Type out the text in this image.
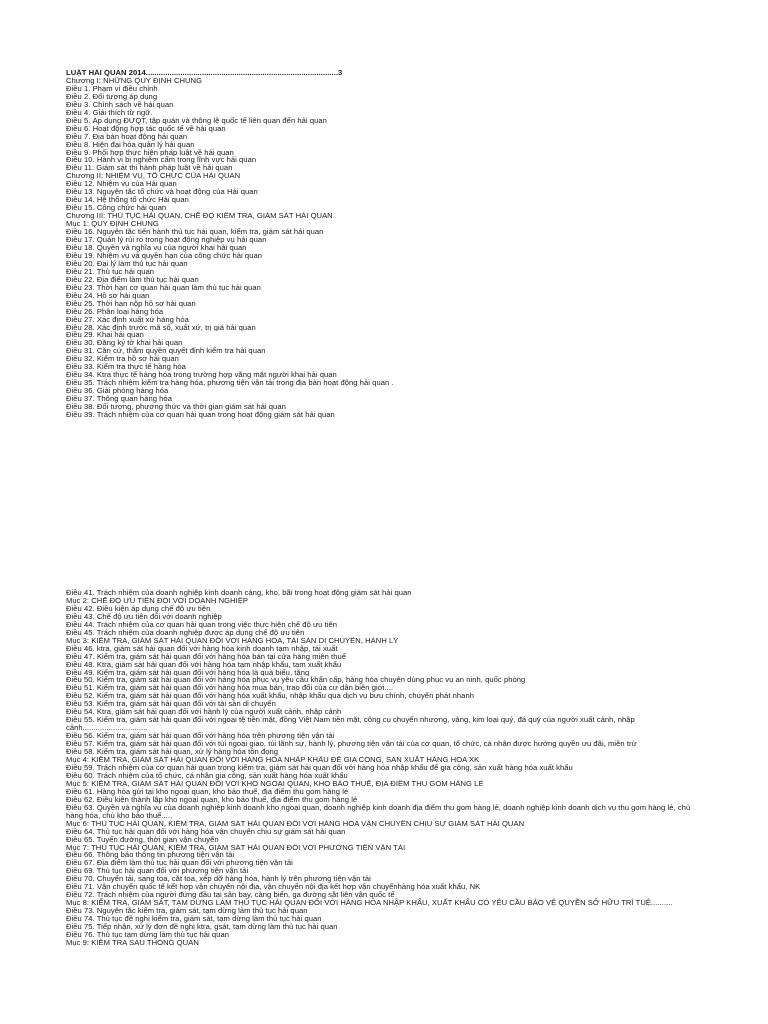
LUẬT HẢI QUAN 2014.........................................................................................3
Chương I: NHỮNG QUY ĐỊNH CHUNG
Điều 1. Phạm vi điều chỉnh
Điều 2. Đối tượng áp dụng
Điều 3. Chính sách về hải quan
Điều 4. Giải thích từ ngữ.
Điều 5. Áp dụng ĐƯQT, tập quán và thông lệ quốc tế liên quan đến hải quan
Điều 6. Hoạt động hợp tác quốc tế về hải quan
Điều 7. Địa bàn hoạt động hải quan
Điều 8. Hiện đại hóa quản lý hải quan
Điều 9. Phối hợp thực hiện pháp luật về hải quan
Điều 10. Hành vi bị nghiêm cấm trong lĩnh vực hải quan
Điều 11. Giám sát thi hành pháp luật về hải quan
Chương II: NHIỆM VỤ, TỔ CHỨC CỦA HẢI QUAN
Điều 12. Nhiệm vụ của Hải quan
Điều 13. Nguyên tắc tổ chức và hoạt động của Hải quan
Điều 14. Hệ thống tổ chức Hải quan
Điều 15. Công chức hải quan
Chương III: THỦ TỤC HẢI QUAN, CHẾ ĐỘ KIỂM TRA, GIÁM SÁT HẢI QUAN
Mục 1: QUY ĐỊNH CHUNG
Điều 16. Nguyên tắc tiến hành thủ tục hải quan, kiểm tra, giám sát hải quan
Điều 17. Quản lý rủi ro trong hoạt động nghiệp vụ hải quan
Điều 18. Quyền và nghĩa vụ của người khai hải quan
Điều 19. Nhiệm vụ và quyền hạn của công chức hải quan
Điều 20. Đại lý làm thủ tục hải quan
Điều 21. Thủ tục hải quan
Điều 22. Địa điểm làm thủ tục hải quan
Điều 23. Thời hạn cơ quan hải quan làm thủ tục hải quan
Điều 24. Hồ sơ hải quan
Điều 25. Thời hạn nộp hồ sơ hải quan
Điều 26. Phân loại hàng hóa
Điều 27. Xác định xuất xứ hàng hóa
Điều 28. Xác định trước mã số, xuất xứ, trị giá hải quan
Điều 29. Khai hải quan
Điều 30. Đăng ký tờ khai hải quan
Điều 31. Căn cứ, thẩm quyền quyết định kiểm tra hải quan
Điều 32. Kiểm tra hồ sơ hải quan
Điều 33. Kiểm tra thực tế hàng hóa
Điều 34. Ktra thực tế hàng hóa trong trường hợp vắng mặt người khai hải quan
Điều 35. Trách nhiệm kiểm tra hàng hóa, phương tiện vận tải trong địa bàn hoạt động hải quan .
Điều 36. Giải phóng hàng hóa
Điều 37. Thông quan hàng hóa
Điều 38. Đối tượng, phương thức và thời gian giám sát hải quan
Điều 39. Trách nhiệm của cơ quan hải quan trong hoạt động giám sát hải quan
Điều 41. Trách nhiệm của doanh nghiệp kinh doanh cảng, kho, bãi trong hoạt động giám sát hải quan
Mục 2: CHẾ ĐỘ ƯU TIÊN ĐỐI VỚI DOANH NGHIỆP
Điều 42. Điều kiện áp dụng chế độ ưu tiên
Điều 43. Chế độ ưu tiên đối với doanh nghiệp
Điều 44. Trách nhiệm của cơ quan hải quan trong việc thực hiện chế độ ưu tiên
Điều 45. Trách nhiệm của doanh nghiệp được áp dụng chế độ ưu tiên
Mục 3: KIỂM TRA, GIÁM SÁT HẢI QUAN ĐỐI VỚI HÀNG HÓA, TÀI SẢN DI CHUYỂN, HÀNH LÝ
Điều 46. ktra, giám sát hải quan đối với hàng hóa kinh doanh tạm nhập, tái xuất
Điều 47. Kiểm tra, giám sát hải quan đối với hàng hóa bán tại cửa hàng miễn thuế
Điều 48. Ktra, giám sát hải quan đối với hàng hóa tạm nhập khẩu, tạm xuất khẩu
Điều 49. Kiểm tra, giám sát hải quan đối với hàng hóa là quà biếu, tặng
Điều 50. Kiểm tra, giám sát hải quan đối với hàng hóa phục vụ yêu cầu khẩn cấp, hàng hóa chuyên dùng phục vụ an ninh, quốc phòng
Điều 51. Kiểm tra, giám sát hải quan đối với hàng hóa mua bán, trao đổi của cư dân biên giới....
Điều 52. Kiểm tra, giám sát hải quan đối với hàng hóa xuất khẩu, nhập khẩu qua dịch vụ bưu chính, chuyển phát nhanh
Điều 53. Kiểm tra, giám sát hải quan đối với tài sản di chuyển
Điều 54. Ktra, giám sát hải quan đối với hành lý của người xuất cảnh, nhập cảnh
Điều 55. Kiểm tra, giám sát hải quan đối với ngoại tệ tiền mặt, đồng Việt Nam tiền mặt, công cụ chuyển nhượng, vàng, kim loại quý, đá quý của người xuất cảnh, nhập cảnh..............................
Điều 56. Kiểm tra, giám sát hải quan đối với hàng hóa trên phương tiện vận tải
Điều 57. Kiểm tra, giám sát hải quan đối với túi ngoại giao, túi lãnh sự, hành lý, phương tiện vận tải của cơ quan, tổ chức, cá nhân được hưởng quyền ưu đãi, miễn trừ
Điều 58. Kiểm tra, giám sát hải quan, xử lý hàng hóa tồn đọng
Mục 4: KIỂM TRA, GIÁM SÁT HẢI QUAN ĐỐI VỚI HÀNG HÓA NHẬP KHẨU ĐỂ GIA CÔNG, SẢN XUẤT HÀNG HÓA XK
Điều 59. Trách nhiệm của cơ quan hải quan trong kiểm tra, giám sát hải quan đối với hàng hóa nhập khẩu để gia công, sản xuất hàng hóa xuất khẩu
Điều 60. Trách nhiệm của tổ chức, cá nhân gia công, sản xuất hàng hóa xuất khẩu
Mục 5: KIỂM TRA, GIÁM SÁT HẢI QUAN ĐỐI VỚI KHO NGOẠI QUAN, KHO BẢO THUẾ, ĐỊA ĐIỂM THU GOM HÀNG LẺ
Điều 61. Hàng hóa gửi tại kho ngoại quan, kho bảo thuế, địa điểm thu gom hàng lẻ
Điều 62. Điều kiện thành lập kho ngoại quan, kho bảo thuế, địa điểm thu gom hàng lẻ
Điều 63. Quyền và nghĩa vụ của doanh nghiệp kinh doanh kho ngoại quan, doanh nghiệp kinh doanh địa điểm thu gom hàng lẻ, doanh nghiệp kinh doanh dịch vụ thu gom hàng lẻ, chủ hàng hóa, chủ kho bảo thuế.....
Mục 6: THỦ TỤC HẢI QUAN, KIỂM TRA, GIÁM SÁT HẢI QUAN ĐỐI VỚI HÀNG HÓA VẬN CHUYỂN CHỊU SỰ GIÁM SÁT HẢI QUAN
Điều 64. Thủ tục hải quan đối với hàng hóa vận chuyển chịu sự giám sát hải quan
Điều 65. Tuyến đường, thời gian vận chuyển
Mục 7: THỦ TỤC HẢI QUAN, KIỂM TRA, GIÁM SÁT HẢI QUAN ĐỐI VỚI PHƯƠNG TIỆN VẬN TẢI
Điều 66. Thông báo thông tin phương tiện vận tải
Điều 67. Địa điểm làm thủ tục hải quan đối với phương tiện vận tải
Điều 69. Thủ tục hải quan đối với phương tiện vận tải
Điều 70. Chuyển tải, sang toa, cắt toa, xếp dỡ hàng hóa, hành lý trên phương tiện vận tải
Điều 71. Vận chuyển quốc tế kết hợp vận chuyển nội địa, vận chuyển nội địa kết hợp vận chuyểnhàng hóa xuất khẩu, NK
Điều 72. Trách nhiệm của người đứng đầu tại sân bay, cảng biển, ga đường sắt liên vận quốc tế
Mục 8: KIỂM TRA, GIÁM SÁT, TẠM DỪNG LÀM THỦ TỤC HẢI QUAN ĐỐI VỚI HÀNG HÓA NHẬP KHẨU, XUẤT KHẨU CÓ YÊU CẦU BẢO VỆ QUYỀN SỞ HỮU TRÍ TUỆ..........
Điều 73. Nguyên tắc kiểm tra, giám sát, tạm dừng làm thủ tục hải quan
Điều 74. Thủ tục đề nghị kiểm tra, giám sát, tạm dừng làm thủ tục hải quan
Điều 75. Tiếp nhận, xử lý đơn đề nghị ktra, gsát, tạm dừng làm thủ tục hải quan
Điều 76. Thủ tục tạm dừng làm thủ tục hải quan
Mục 9: KIỂM TRA SAU THÔNG QUAN
